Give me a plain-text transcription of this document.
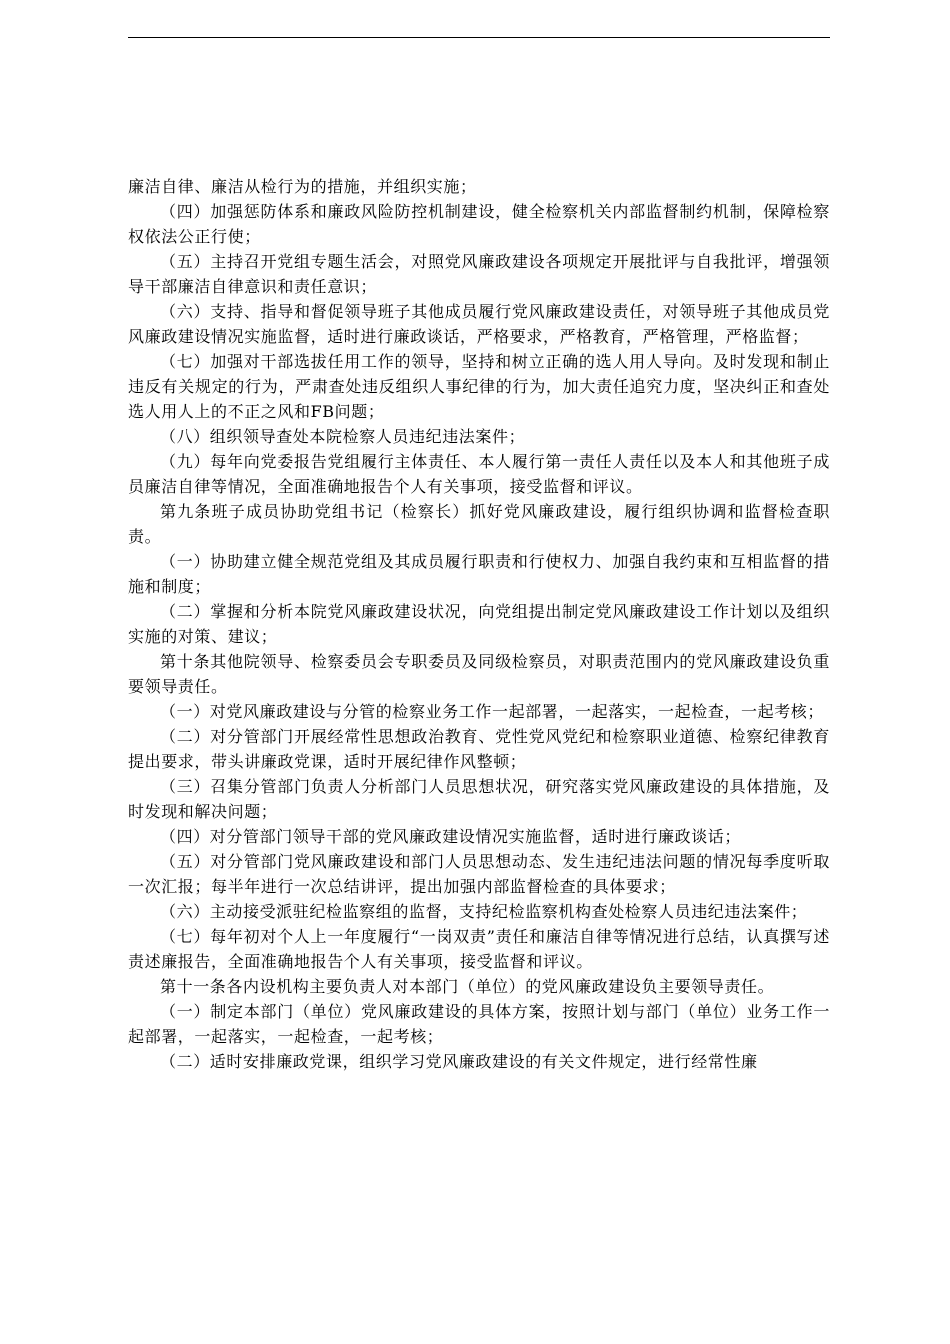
廉洁自律、廉洁从检行为的措施，并组织实施；

（四）加强惩防体系和廉政风险防控机制建设，健全检察机关内部监督制约机制，保障检察权依法公正行使；

（五）主持召开党组专题生活会，对照党风廉政建设各项规定开展批评与自我批评，增强领导干部廉洁自律意识和责任意识；

（六）支持、指导和督促领导班子其他成员履行党风廉政建设责任，对领导班子其他成员党风廉政建设情况实施监督，适时进行廉政谈话，严格要求，严格教育，严格管理，严格监督；

（七）加强对干部选拔任用工作的领导，坚持和树立正确的选人用人导向。及时发现和制止违反有关规定的行为，严肃查处违反组织人事纪律的行为，加大责任追究力度，坚决纠正和查处选人用人上的不正之风和FB问题；

（八）组织领导查处本院检察人员违纪违法案件；

（九）每年向党委报告党组履行主体责任、本人履行第一责任人责任以及本人和其他班子成员廉洁自律等情况，全面准确地报告个人有关事项，接受监督和评议。

第九条班子成员协助党组书记（检察长）抓好党风廉政建设，履行组织协调和监督检查职责。

（一）协助建立健全规范党组及其成员履行职责和行使权力、加强自我约束和互相监督的措施和制度；

（二）掌握和分析本院党风廉政建设状况，向党组提出制定党风廉政建设工作计划以及组织实施的对策、建议；

第十条其他院领导、检察委员会专职委员及同级检察员，对职责范围内的党风廉政建设负重要领导责任。

（一）对党风廉政建设与分管的检察业务工作一起部署，一起落实，一起检查，一起考核；

（二）对分管部门开展经常性思想政治教育、党性党风党纪和检察职业道德、检察纪律教育提出要求，带头讲廉政党课，适时开展纪律作风整顿；

（三）召集分管部门负责人分析部门人员思想状况，研究落实党风廉政建设的具体措施，及时发现和解决问题；

（四）对分管部门领导干部的党风廉政建设情况实施监督，适时进行廉政谈话；

（五）对分管部门党风廉政建设和部门人员思想动态、发生违纪违法问题的情况每季度听取一次汇报；每半年进行一次总结讲评，提出加强内部监督检查的具体要求；

（六）主动接受派驻纪检监察组的监督，支持纪检监察机构查处检察人员违纪违法案件；

（七）每年初对个人上一年度履行“一岗双责”责任和廉洁自律等情况进行总结，认真撰写述责述廉报告，全面准确地报告个人有关事项，接受监督和评议。

第十一条各内设机构主要负责人对本部门（单位）的党风廉政建设负主要领导责任。

（一）制定本部门（单位）党风廉政建设的具体方案，按照计划与部门（单位）业务工作一起部署，一起落实，一起检查，一起考核；

（二）适时安排廉政党课，组织学习党风廉政建设的有关文件规定，进行经常性廉
